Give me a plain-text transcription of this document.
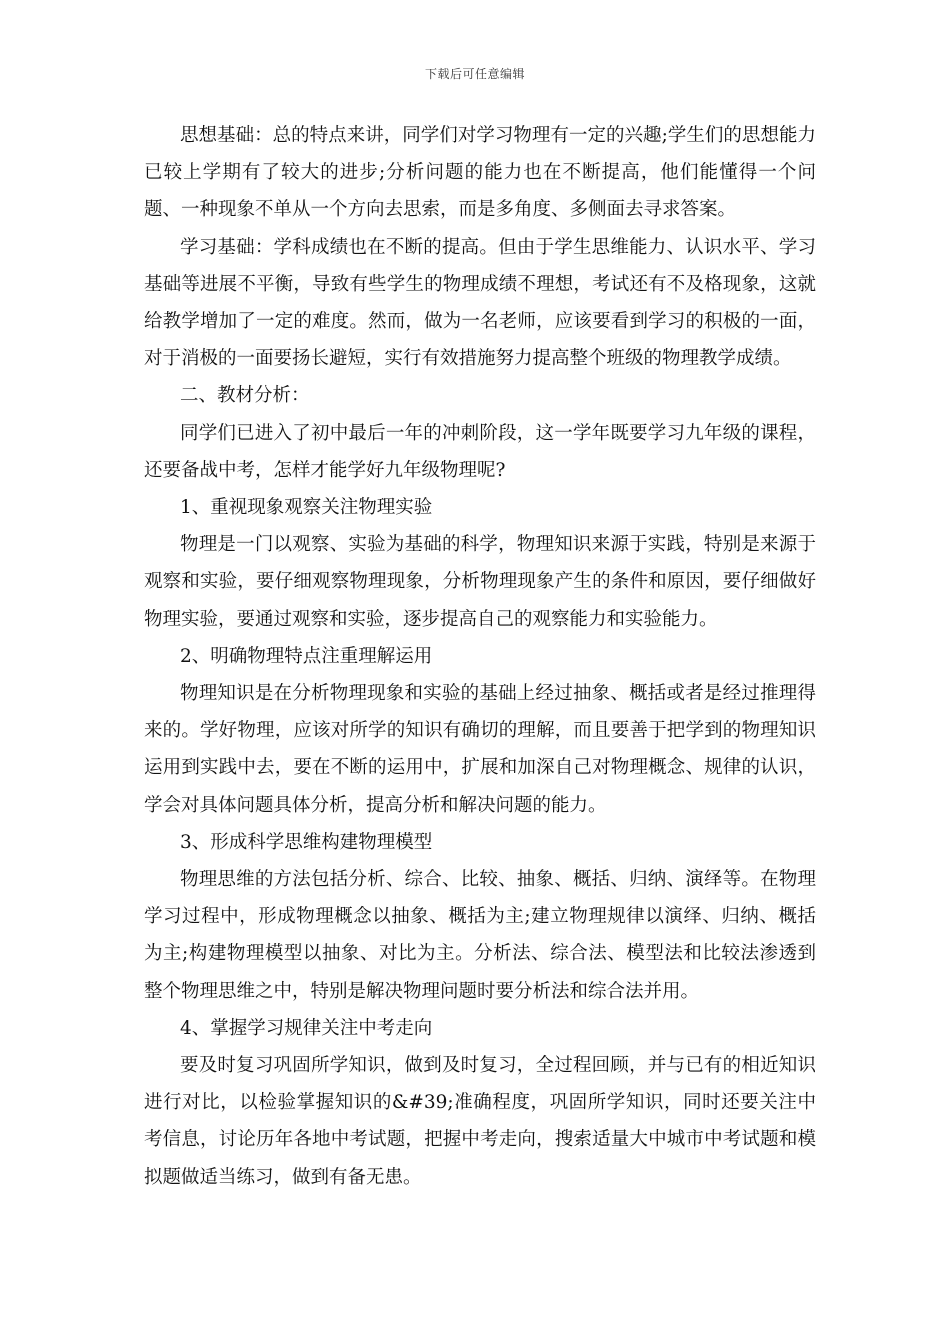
下载后可任意编辑

思想基础：总的特点来讲，同学们对学习物理有一定的兴趣;学生们的思想能力已较上学期有了较大的进步;分析问题的能力也在不断提高，他们能懂得一个问题、一种现象不单从一个方向去思索，而是多角度、多侧面去寻求答案。

学习基础：学科成绩也在不断的提高。但由于学生思维能力、认识水平、学习基础等进展不平衡，导致有些学生的物理成绩不理想，考试还有不及格现象，这就给教学增加了一定的难度。然而，做为一名老师，应该要看到学习的积极的一面，对于消极的一面要扬长避短，实行有效措施努力提高整个班级的物理教学成绩。

二、教材分析：

同学们已进入了初中最后一年的冲刺阶段，这一学年既要学习九年级的课程，还要备战中考，怎样才能学好九年级物理呢?

1、重视现象观察关注物理实验

物理是一门以观察、实验为基础的科学，物理知识来源于实践，特别是来源于观察和实验，要仔细观察物理现象，分析物理现象产生的条件和原因，要仔细做好物理实验，要通过观察和实验，逐步提高自己的观察能力和实验能力。

2、明确物理特点注重理解运用

物理知识是在分析物理现象和实验的基础上经过抽象、概括或者是经过推理得来的。学好物理，应该对所学的知识有确切的理解，而且要善于把学到的物理知识运用到实践中去，要在不断的运用中，扩展和加深自己对物理概念、规律的认识，学会对具体问题具体分析，提高分析和解决问题的能力。

3、形成科学思维构建物理模型

物理思维的方法包括分析、综合、比较、抽象、概括、归纳、演绎等。在物理学习过程中，形成物理概念以抽象、概括为主;建立物理规律以演绎、归纳、概括为主;构建物理模型以抽象、对比为主。分析法、综合法、模型法和比较法渗透到整个物理思维之中，特别是解决物理问题时要分析法和综合法并用。

4、掌握学习规律关注中考走向

要及时复习巩固所学知识，做到及时复习，全过程回顾，并与已有的相近知识进行对比，以检验掌握知识的&#39;准确程度，巩固所学知识，同时还要关注中考信息，讨论历年各地中考试题，把握中考走向，搜索适量大中城市中考试题和模拟题做适当练习，做到有备无患。
